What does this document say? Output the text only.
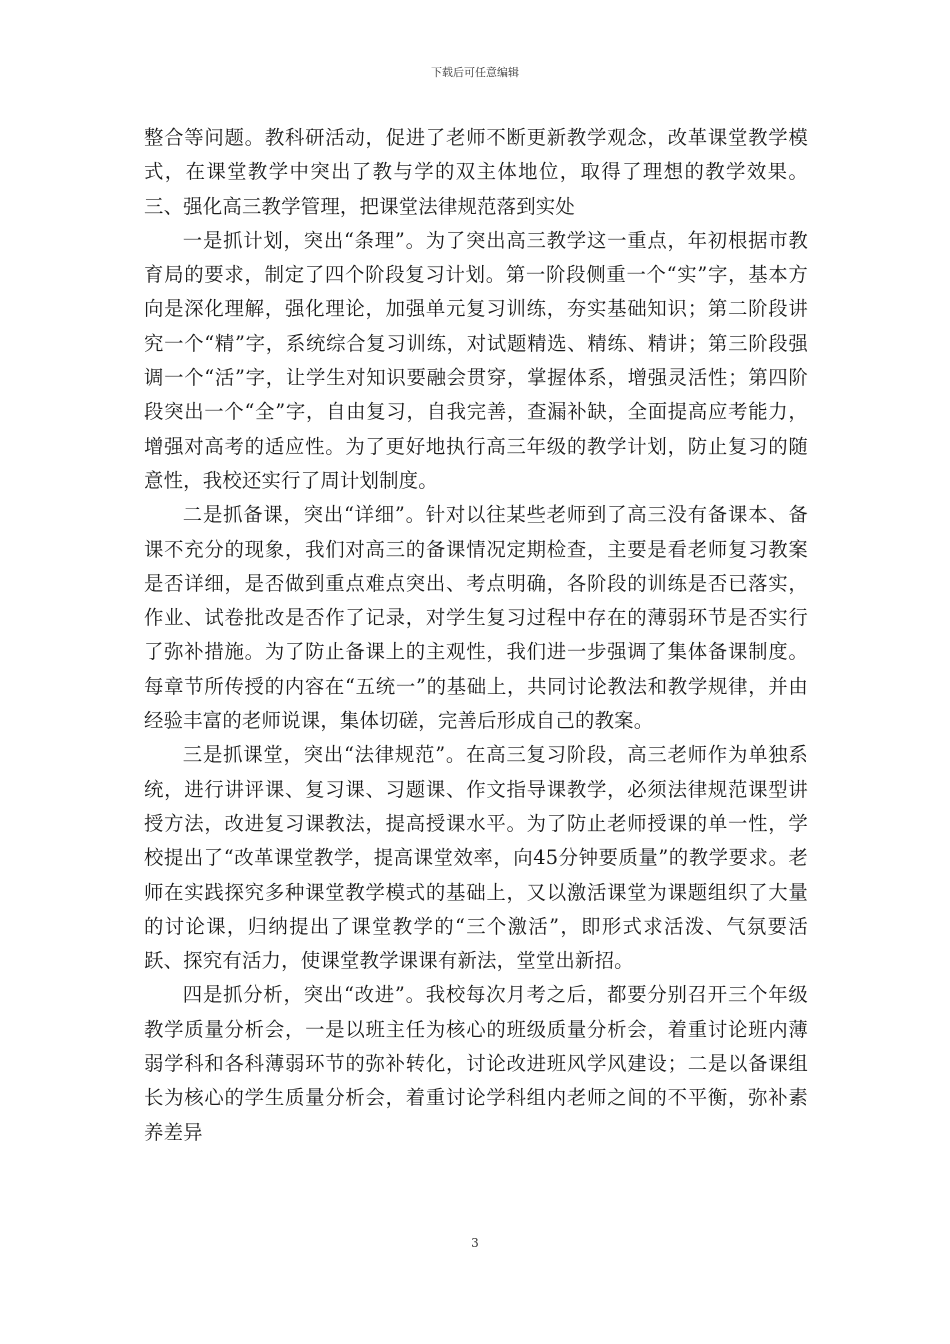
下载后可任意编辑

整合等问题。教科研活动，促进了老师不断更新教学观念，改革课堂教学模式，在课堂教学中突出了教与学的双主体地位，取得了理想的教学效果。三、强化高三教学管理，把课堂法律规范落到实处

一是抓计划，突出“条理”。为了突出高三教学这一重点，年初根据市教育局的要求，制定了四个阶段复习计划。第一阶段侧重一个“实”字，基本方向是深化理解，强化理论，加强单元复习训练，夯实基础知识；第二阶段讲究一个“精”字，系统综合复习训练，对试题精选、精练、精讲；第三阶段强调一个“活”字，让学生对知识要融会贯穿，掌握体系，增强灵活性；第四阶段突出一个“全”字，自由复习，自我完善，查漏补缺，全面提高应考能力，增强对高考的适应性。为了更好地执行高三年级的教学计划，防止复习的随意性，我校还实行了周计划制度。

二是抓备课，突出“详细”。针对以往某些老师到了高三没有备课本、备课不充分的现象，我们对高三的备课情况定期检查，主要是看老师复习教案是否详细，是否做到重点难点突出、考点明确，各阶段的训练是否已落实，作业、试卷批改是否作了记录，对学生复习过程中存在的薄弱环节是否实行了弥补措施。为了防止备课上的主观性，我们进一步强调了集体备课制度。每章节所传授的内容在“五统一”的基础上，共同讨论教法和教学规律，并由经验丰富的老师说课，集体切磋，完善后形成自己的教案。

三是抓课堂，突出“法律规范”。在高三复习阶段，高三老师作为单独系统，进行讲评课、复习课、习题课、作文指导课教学，必须法律规范课型讲授方法，改进复习课教法，提高授课水平。为了防止老师授课的单一性，学校提出了“改革课堂教学，提高课堂效率，向45分钟要质量”的教学要求。老师在实践探究多种课堂教学模式的基础上，又以激活课堂为课题组织了大量的讨论课，归纳提出了课堂教学的“三个激活”，即形式求活泼、气氛要活跃、探究有活力，使课堂教学课课有新法，堂堂出新招。

四是抓分析，突出“改进”。我校每次月考之后，都要分别召开三个年级教学质量分析会，一是以班主任为核心的班级质量分析会，着重讨论班内薄弱学科和各科薄弱环节的弥补转化，讨论改进班风学风建设；二是以备课组长为核心的学生质量分析会，着重讨论学科组内老师之间的不平衡，弥补素养差异

3
